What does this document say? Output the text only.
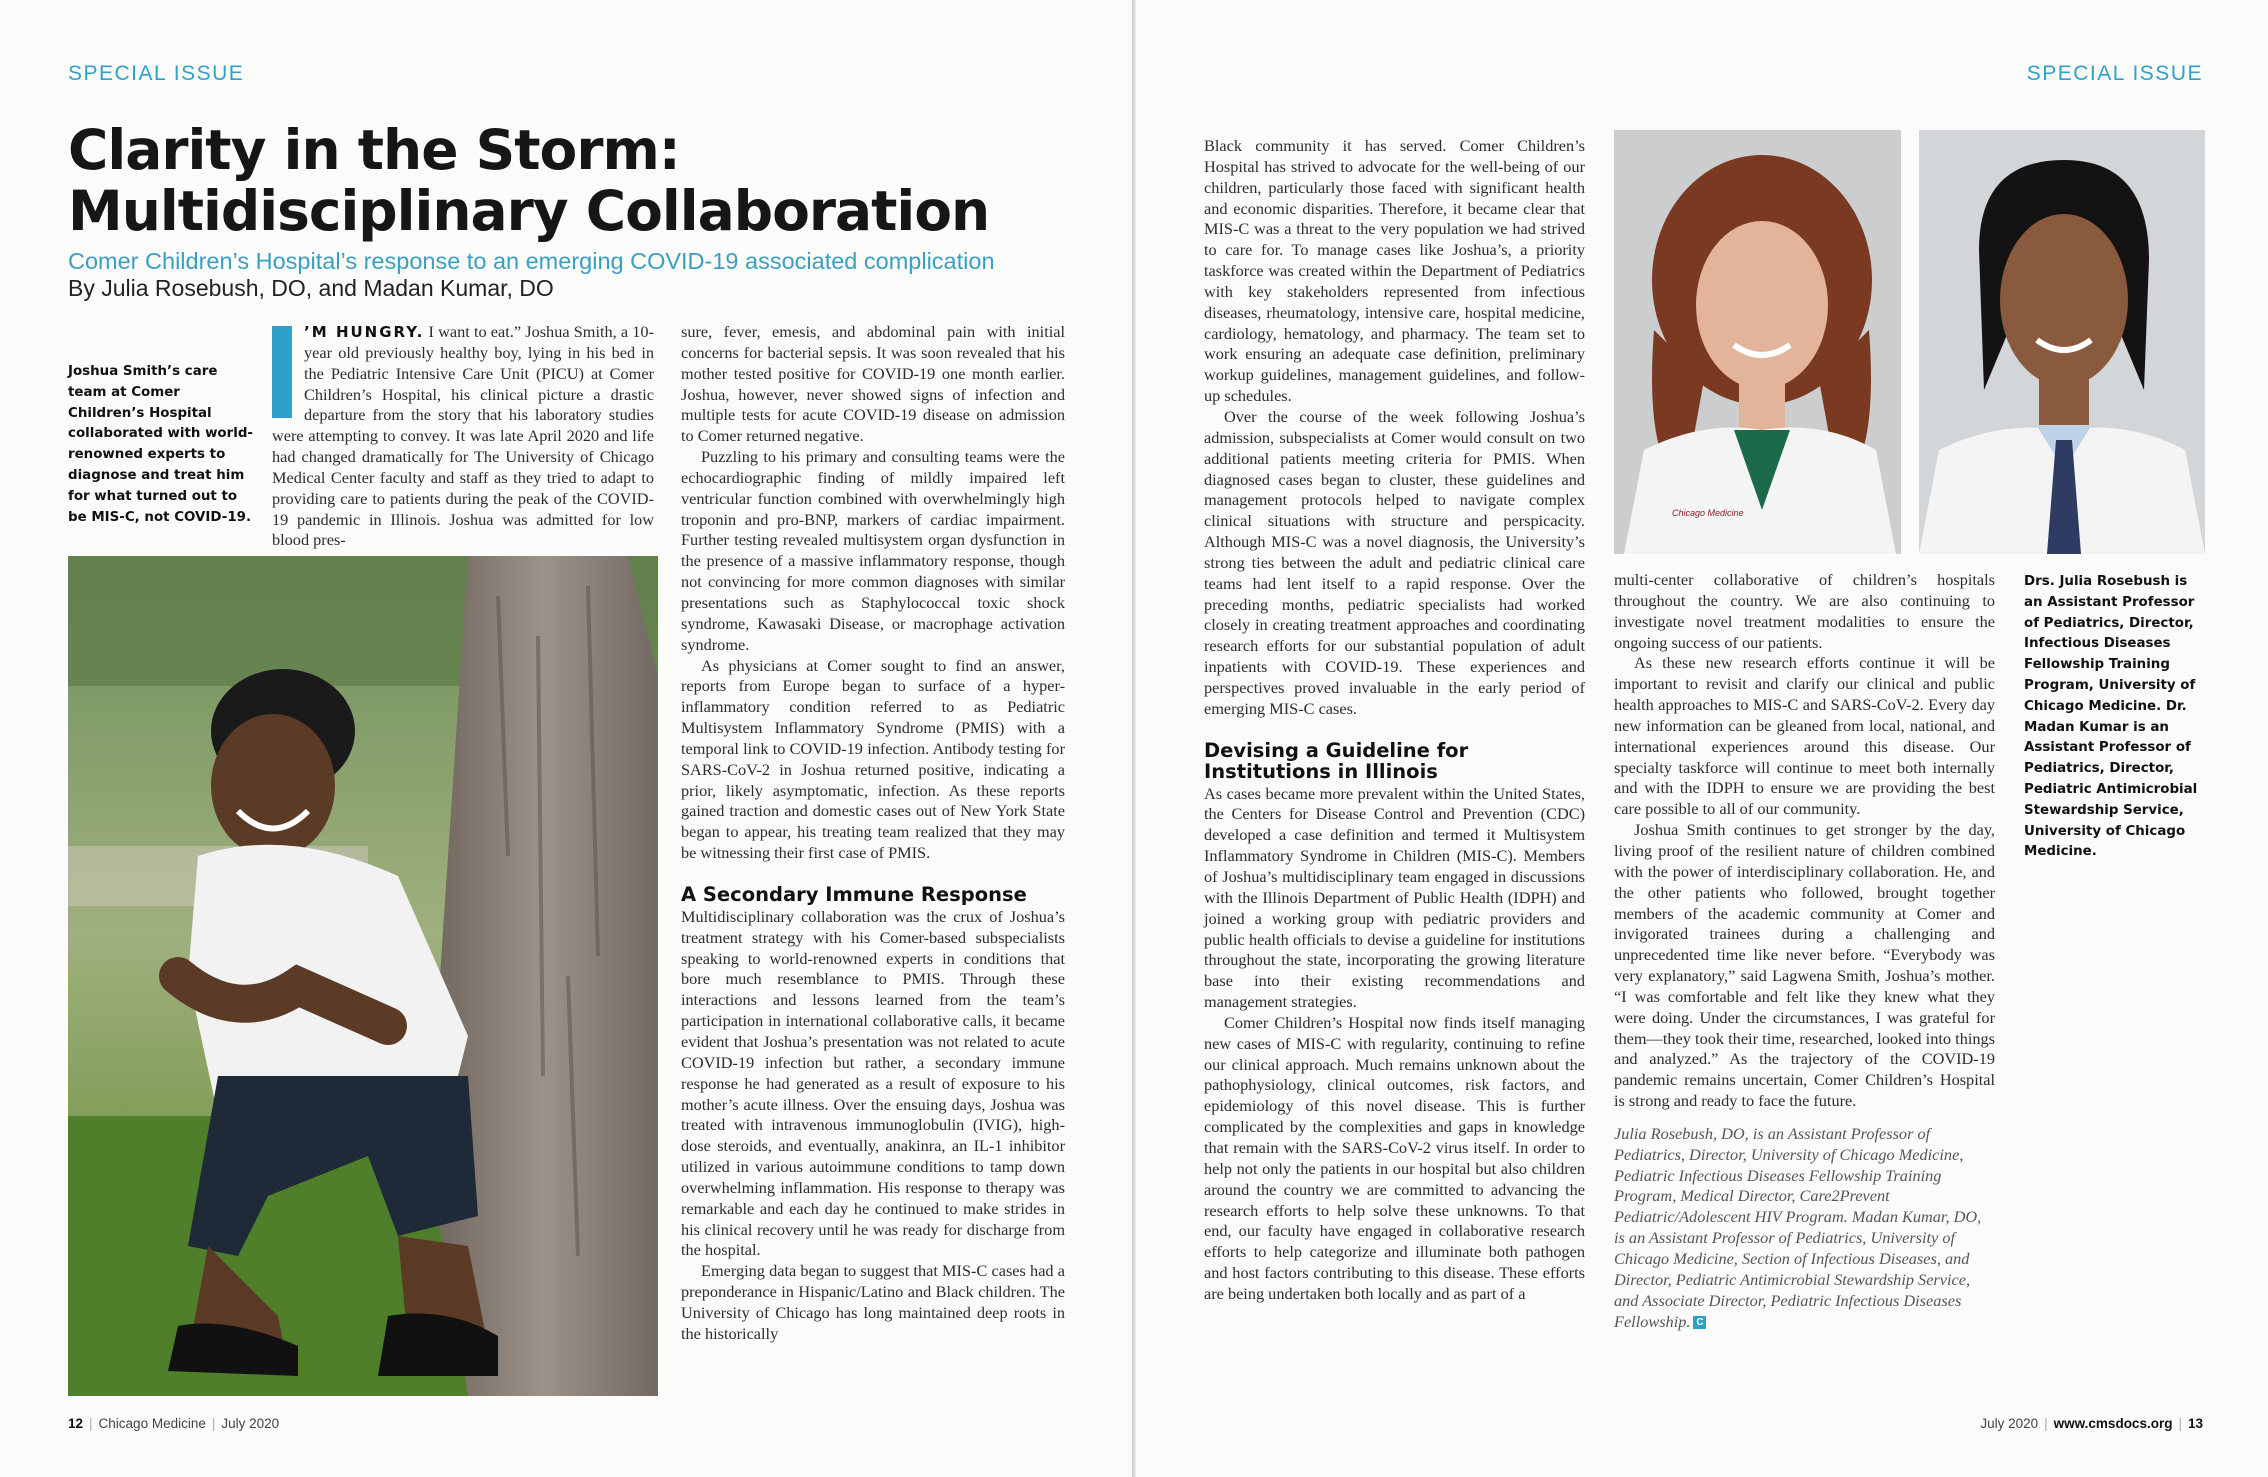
SPECIAL ISSUE
Clarity in the Storm:
Multidisciplinary Collaboration
Comer Children’s Hospital’s response to an emerging COVID-19 associated complication
By Julia Rosebush, DO, and Madan Kumar, DO
Joshua Smith’s care team at Comer Children’s Hospital collaborated with world-renowned experts to diagnose and treat him for what turned out to be MIS-C, not COVID-19.

’M HUNGRY. I want to eat.” Joshua Smith, a 10-year old previously healthy boy, lying in his bed in the Pediatric Intensive Care Unit (PICU) at Comer Children’s Hospital, his clinical picture a drastic departure from the story that his laboratory studies were attempting to convey. It was late April 2020 and life had changed dramatically for The University of Chicago Medical Center faculty and staff as they tried to adapt to providing care to patients during the peak of the COVID-19 pandemic in Illinois. Joshua was admitted for low blood pres-

sure, fever, emesis, and abdominal pain with initial concerns for bacterial sepsis. It was soon revealed that his mother tested positive for COVID-19 one month earlier. Joshua, however, never showed signs of infection and multiple tests for acute COVID-19 disease on admission to Comer returned negative.

Puzzling to his primary and consulting teams were the echocardiographic finding of mildly impaired left ventricular function combined with overwhelmingly high troponin and pro-BNP, markers of cardiac impairment. Further testing revealed multisystem organ dysfunction in the presence of a massive inflammatory response, though not convincing for more common diagnoses with similar presentations such as Staphylococcal toxic shock syndrome, Kawasaki Disease, or macrophage activation syndrome.

As physicians at Comer sought to find an answer, reports from Europe began to surface of a hyper-inflammatory condition referred to as Pediatric Multisystem Inflammatory Syndrome (PMIS) with a temporal link to COVID-19 infection. Antibody testing for SARS-CoV-2 in Joshua returned positive, indicating a prior, likely asymptomatic, infection. As these reports gained traction and domestic cases out of New York State began to appear, his treating team realized that they may be witnessing their first case of PMIS.

A Secondary Immune Response

Multidisciplinary collaboration was the crux of Joshua’s treatment strategy with his Comer-based subspecialists speaking to world-renowned experts in conditions that bore much resemblance to PMIS. Through these interactions and lessons learned from the team’s participation in international collaborative calls, it became evident that Joshua’s presentation was not related to acute COVID-19 infection but rather, a secondary immune response he had generated as a result of exposure to his mother’s acute illness. Over the ensuing days, Joshua was treated with intravenous immunoglobulin (IVIG), high-dose steroids, and eventually, anakinra, an IL-1 inhibitor utilized in various autoimmune conditions to tamp down overwhelming inflammation. His response to therapy was remarkable and each day he continued to make strides in his clinical recovery until he was ready for discharge from the hospital.

Emerging data began to suggest that MIS-C cases had a preponderance in Hispanic/Latino and Black children. The University of Chicago has long maintained deep roots in the historically

12 | Chicago Medicine | July 2020
SPECIAL ISSUE

Black community it has served. Comer Children’s Hospital has strived to advocate for the well-being of our children, particularly those faced with significant health and economic disparities. Therefore, it became clear that MIS-C was a threat to the very population we had strived to care for. To manage cases like Joshua’s, a priority taskforce was created within the Department of Pediatrics with key stakeholders represented from infectious diseases, rheumatology, intensive care, hospital medicine, cardiology, hematology, and pharmacy. The team set to work ensuring an adequate case definition, preliminary workup guidelines, management guidelines, and follow-up schedules.

Over the course of the week following Joshua’s admission, subspecialists at Comer would consult on two additional patients meeting criteria for PMIS. When diagnosed cases began to cluster, these guidelines and management protocols helped to navigate complex clinical situations with structure and perspicacity. Although MIS-C was a novel diagnosis, the University’s strong ties between the adult and pediatric clinical care teams had lent itself to a rapid response. Over the preceding months, pediatric specialists had worked closely in creating treatment approaches and coordinating research efforts for our substantial population of adult inpatients with COVID-19. These experiences and perspectives proved invaluable in the early period of emerging MIS-C cases.

Devising a Guideline for Institutions in Illinois

As cases became more prevalent within the United States, the Centers for Disease Control and Prevention (CDC) developed a case definition and termed it Multisystem Inflammatory Syndrome in Children (MIS-C). Members of Joshua’s multidisciplinary team engaged in discussions with the Illinois Department of Public Health (IDPH) and joined a working group with pediatric providers and public health officials to devise a guideline for institutions throughout the state, incorporating the growing literature base into their existing recommendations and management strategies.

Comer Children’s Hospital now finds itself managing new cases of MIS-C with regularity, continuing to refine our clinical approach. Much remains unknown about the pathophysiology, clinical outcomes, risk factors, and epidemiology of this novel disease. This is further complicated by the complexities and gaps in knowledge that remain with the SARS-CoV-2 virus itself. In order to help not only the patients in our hospital but also children around the country we are committed to advancing the research efforts to help solve these unknowns. To that end, our faculty have engaged in collaborative research efforts to help categorize and illuminate both pathogen and host factors contributing to this disease. These efforts are being undertaken both locally and as part of a

Chicago Medicine

multi-center collaborative of children’s hospitals throughout the country. We are also continuing to investigate novel treatment modalities to ensure the ongoing success of our patients.

As these new research efforts continue it will be important to revisit and clarify our clinical and public health approaches to MIS-C and SARS-CoV-2. Every day new information can be gleaned from local, national, and international experiences around this disease. Our specialty taskforce will continue to meet both internally and with the IDPH to ensure we are providing the best care possible to all of our community.

Joshua Smith continues to get stronger by the day, living proof of the resilient nature of children combined with the power of interdisciplinary collaboration. He, and the other patients who followed, brought together members of the academic community at Comer and invigorated trainees during a challenging and unprecedented time like never before. “Everybody was very explanatory,” said Lagwena Smith, Joshua’s mother. “I was comfortable and felt like they knew what they were doing. Under the circumstances, I was grateful for them—they took their time, researched, looked into things and analyzed.” As the trajectory of the COVID-19 pandemic remains uncertain, Comer Children’s Hospital is strong and ready to face the future.

Julia Rosebush, DO, is an Assistant Professor of Pediatrics, Director, University of Chicago Medicine, Pediatric Infectious Diseases Fellowship Training Program, Medical Director, Care2Prevent Pediatric/Adolescent HIV Program. Madan Kumar, DO, is an Assistant Professor of Pediatrics, University of Chicago Medicine, Section of Infectious Diseases, and Director, Pediatric Antimicrobial Stewardship Service, and Associate Director, Pediatric Infectious Diseases Fellowship. C

Drs. Julia Rosebush is an Assistant Professor of Pediatrics, Director, Infectious Diseases Fellowship Training Program, University of Chicago Medicine. Dr. Madan Kumar is an Assistant Professor of Pediatrics, Director, Pediatric Antimicrobial Stewardship Service, University of Chicago Medicine.
July 2020 | www.cmsdocs.org | 13
